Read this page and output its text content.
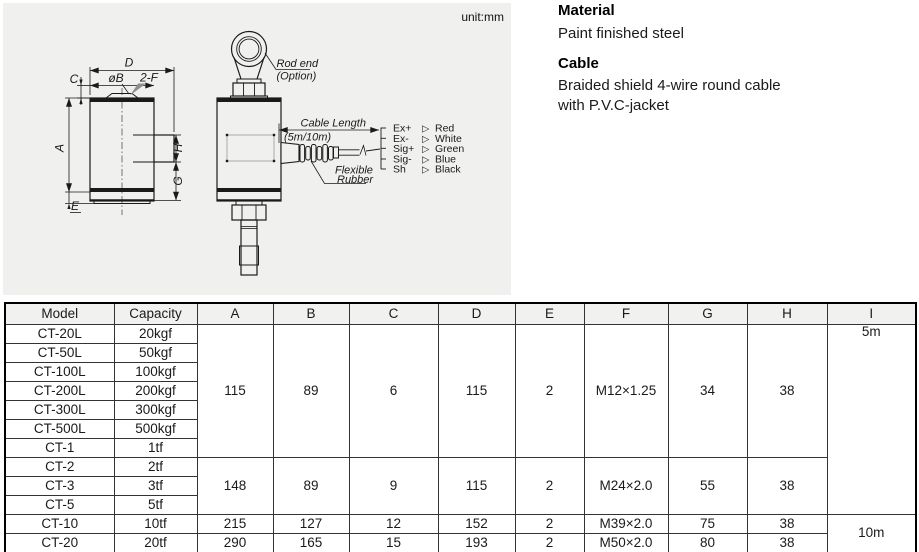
unit:mm
D
øB 2-F
C
A
E
H
G
Rod end
(Option)
Cable Length
(5m/10m)
Flexible
Rubber
Ex+ ▷ Red
Ex- ▷ White
Sig+ ▷ Green
Sig- ▷ Blue
Sh ▷ Black
Material

Paint finished steel

Cable

Braided shield 4-wire round cable

with P.V.C-jacket

Model	Capacity	A	B	C	D	E	F	G	H	I
CT-20L	20kgf	115	89	6	115	2	M12×1.25	34	38	5m
CT-50L	50kgf									
CT-100L	100kgf									
CT-200L	200kgf									
CT-300L	300kgf									
CT-500L	500kgf									
CT-1	1tf									
CT-2	2tf	148	89	9	115	2	M24×2.0	55	38	
CT-3	3tf									
CT-5	5tf									
CT-10	10tf	215	127	12	152	2	M39×2.0	75	38	10m
CT-20	20tf	290	165	15	193	2	M50×2.0	80	38	
